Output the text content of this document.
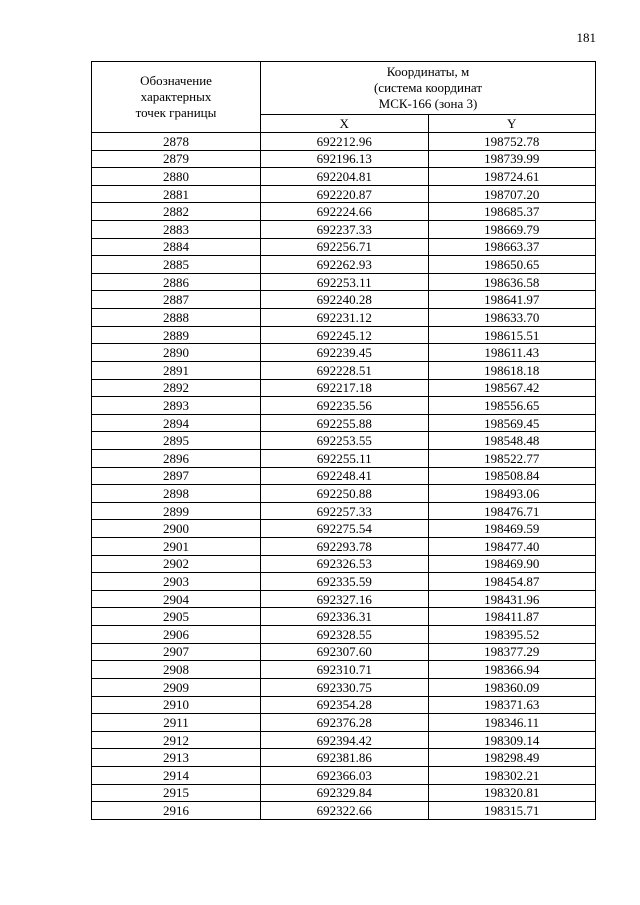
181
Обозначение
характерных
точек границы	Координаты, м
(система координат
МСК-166 (зона 3)	

	X	Y
2878	692212.96	198752.78
2879	692196.13	198739.99
2880	692204.81	198724.61
2881	692220.87	198707.20
2882	692224.66	198685.37
2883	692237.33	198669.79
2884	692256.71	198663.37
2885	692262.93	198650.65
2886	692253.11	198636.58
2887	692240.28	198641.97
2888	692231.12	198633.70
2889	692245.12	198615.51
2890	692239.45	198611.43
2891	692228.51	198618.18
2892	692217.18	198567.42
2893	692235.56	198556.65
2894	692255.88	198569.45
2895	692253.55	198548.48
2896	692255.11	198522.77
2897	692248.41	198508.84
2898	692250.88	198493.06
2899	692257.33	198476.71
2900	692275.54	198469.59
2901	692293.78	198477.40
2902	692326.53	198469.90
2903	692335.59	198454.87
2904	692327.16	198431.96
2905	692336.31	198411.87
2906	692328.55	198395.52
2907	692307.60	198377.29
2908	692310.71	198366.94
2909	692330.75	198360.09
2910	692354.28	198371.63
2911	692376.28	198346.11
2912	692394.42	198309.14
2913	692381.86	198298.49
2914	692366.03	198302.21
2915	692329.84	198320.81
2916	692322.66	198315.71
